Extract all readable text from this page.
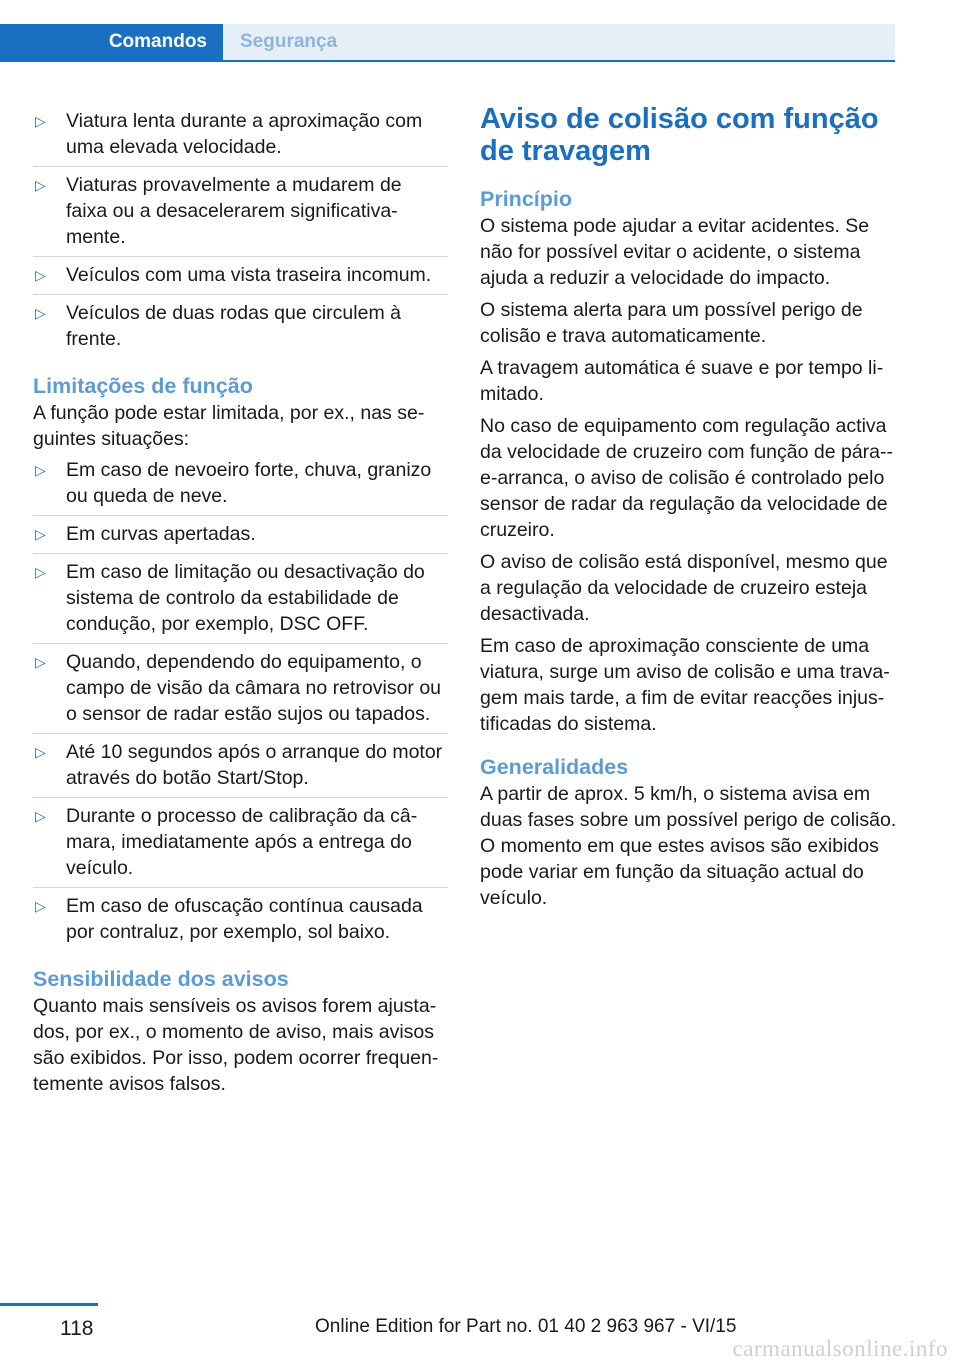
Comandos	Segurança
▷ Viatura lenta durante a aproximação com uma elevada velocidade.
▷ Viaturas provavelmente a mudarem de faixa ou a desacelerarem significativamente.
▷ Veículos com uma vista traseira incomum.
▷ Veículos de duas rodas que circulem à frente.
Limitações de função

A função pode estar limitada, por ex., nas seguintes situações:

▷ Em caso de nevoeiro forte, chuva, granizo ou queda de neve.
▷ Em curvas apertadas.
▷ Em caso de limitação ou desactivação do sistema de controlo da estabilidade de condução, por exemplo, DSC OFF.
▷ Quando, dependendo do equipamento, o campo de visão da câmara no retrovisor ou o sensor de radar estão sujos ou tapados.
▷ Até 10 segundos após o arranque do motor através do botão Start/Stop.
▷ Durante o processo de calibração da câmara, imediatamente após a entrega do veículo.
▷ Em caso de ofuscação contínua causada por contraluz, por exemplo, sol baixo.
Sensibilidade dos avisos

Quanto mais sensíveis os avisos forem ajustados, por ex., o momento de aviso, mais avisos são exibidos. Por isso, podem ocorrer frequentemente avisos falsos.

Aviso de colisão com função de travagem
Princípio

O sistema pode ajudar a evitar acidentes. Se não for possível evitar o acidente, o sistema ajuda a reduzir a velocidade do impacto.

O sistema alerta para um possível perigo de colisão e trava automaticamente.

A travagem automática é suave e por tempo limitado.

No caso de equipamento com regulação activa da velocidade de cruzeiro com função de pára-e-arranca, o aviso de colisão é controlado pelo sensor de radar da regulação da velocidade de cruzeiro.

O aviso de colisão está disponível, mesmo que a regulação da velocidade de cruzeiro esteja desactivada.

Em caso de aproximação consciente de uma viatura, surge um aviso de colisão e uma travagem mais tarde, a fim de evitar reacções injustificadas do sistema.

Generalidades

A partir de aprox. 5 km/h, o sistema avisa em duas fases sobre um possível perigo de colisão. O momento em que estes avisos são exibidos pode variar em função da situação actual do veículo.

118	Online Edition for Part no. 01 40 2 963 967 - VI/15
carmanualsonline.info
